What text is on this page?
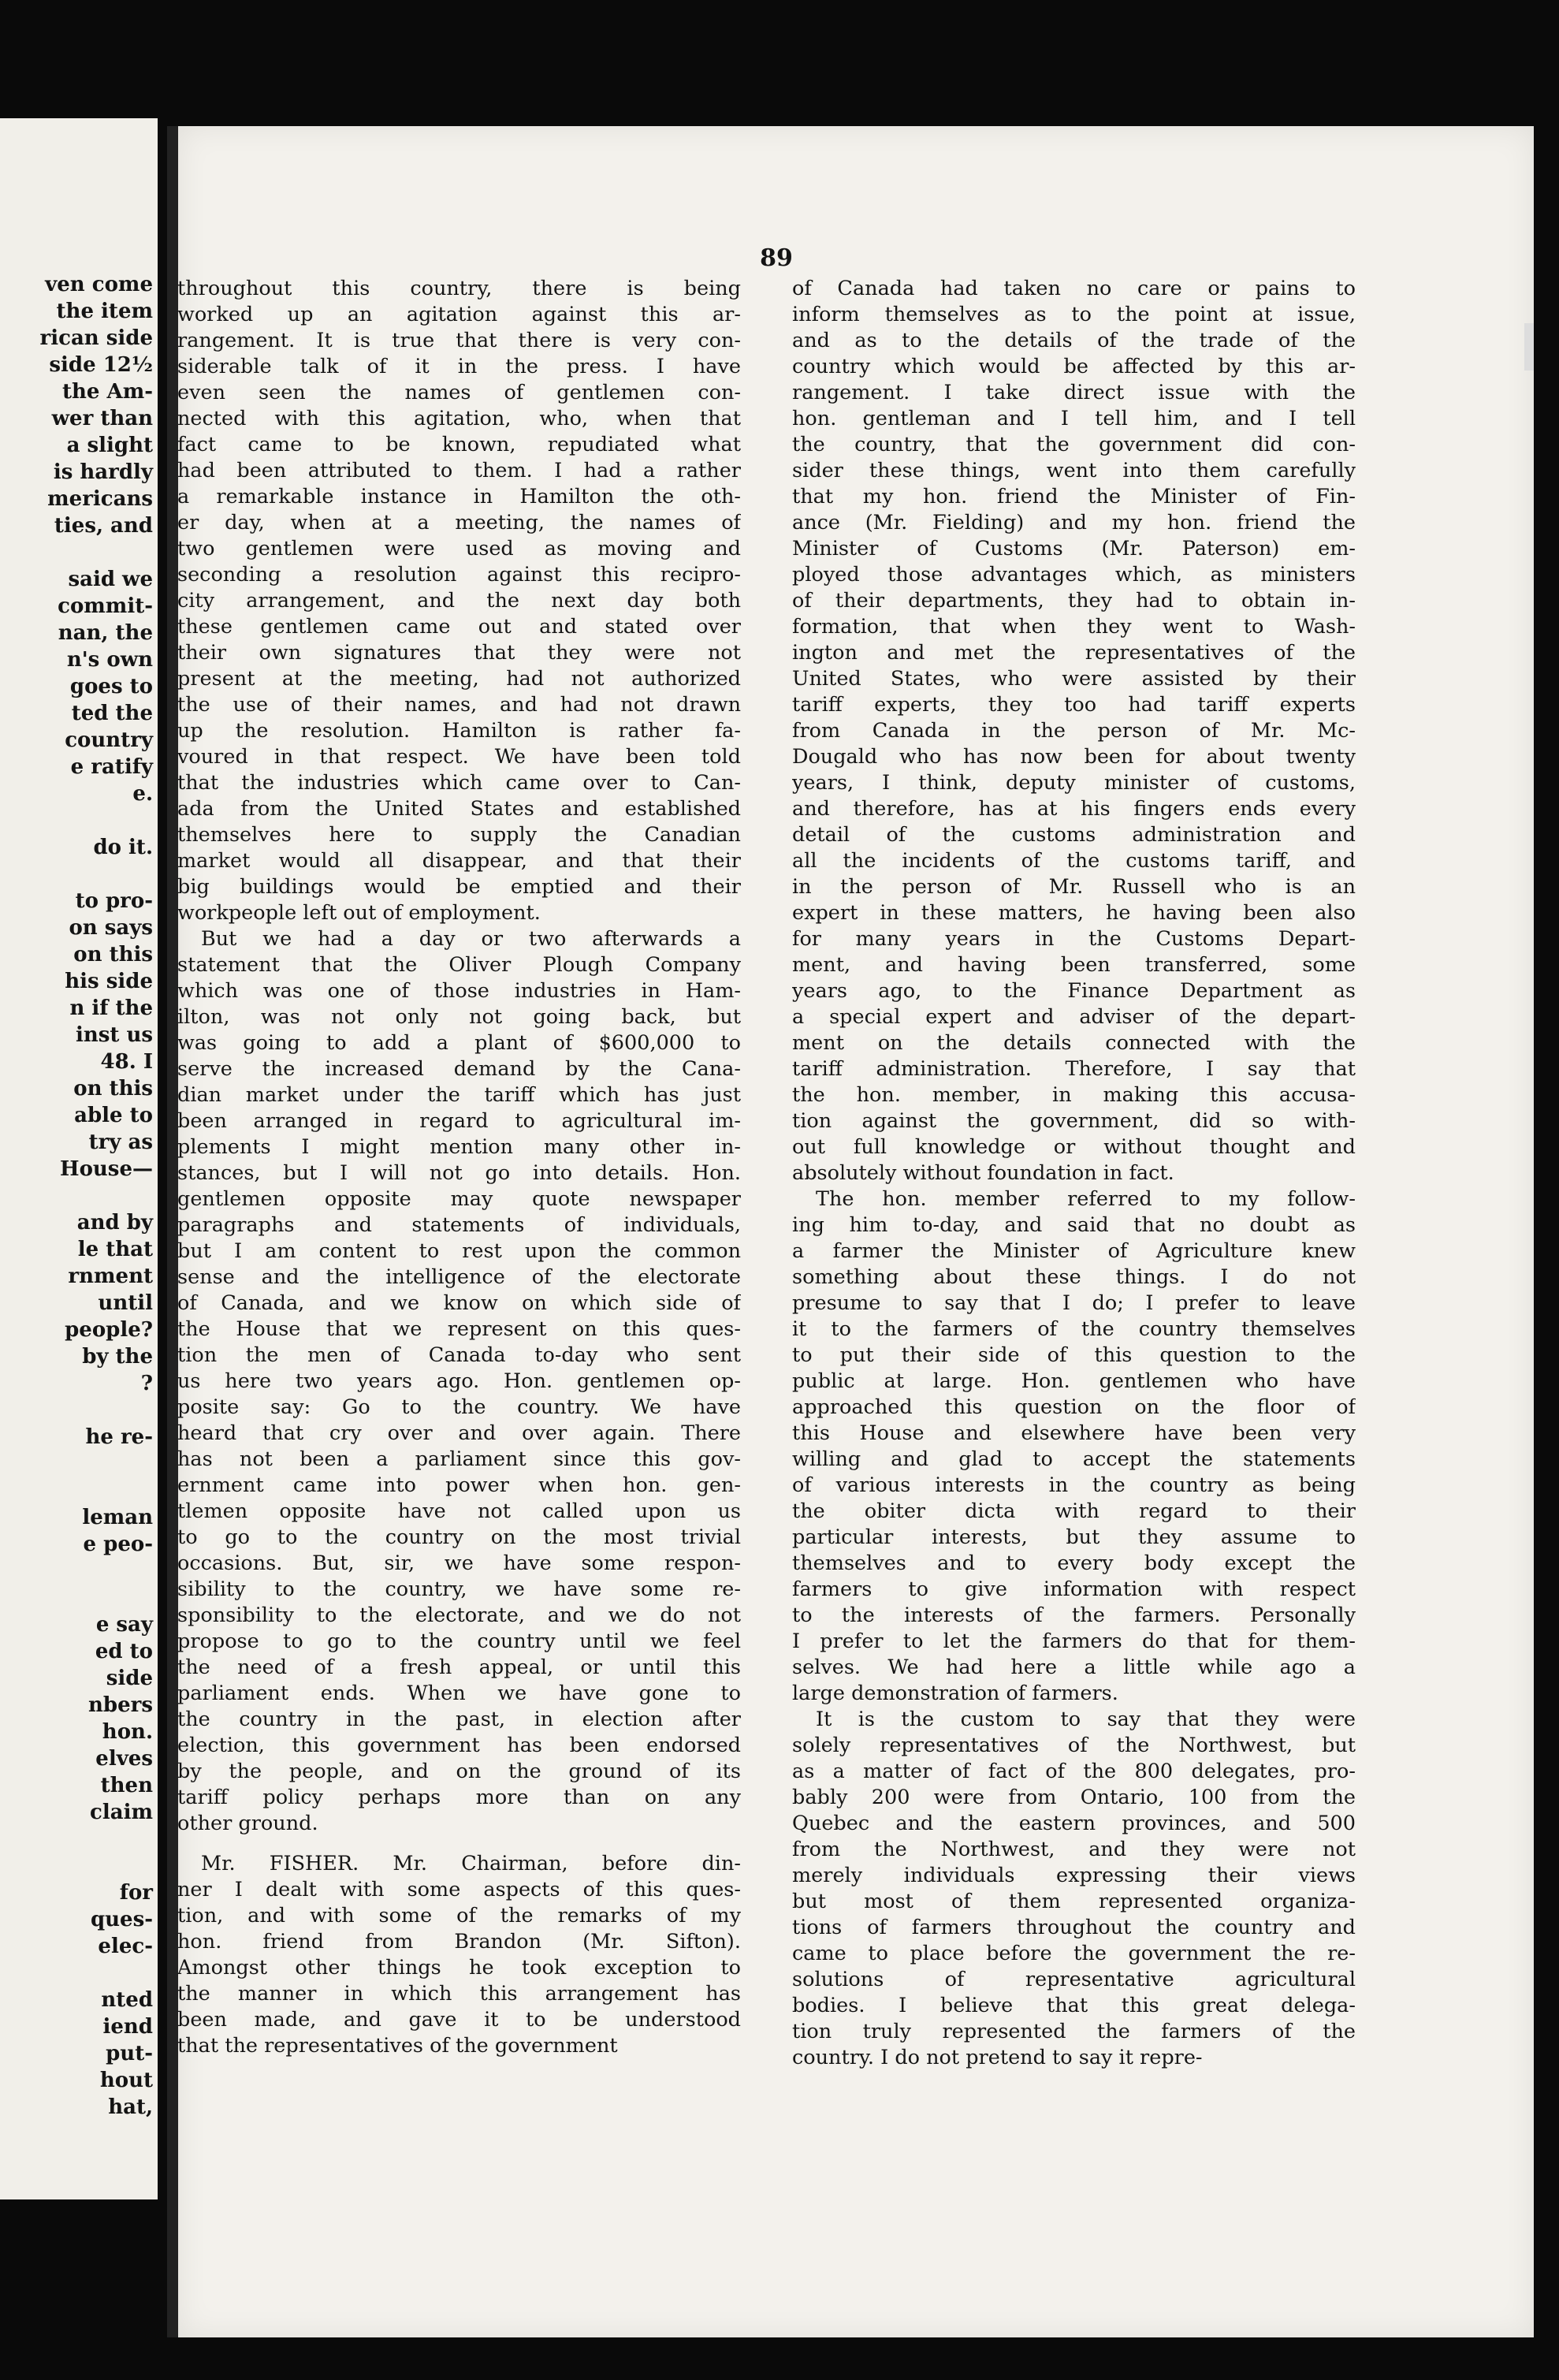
ven come
the item
rican side
side 12½
the Am-
wer than
a slight
is hardly
mericans
ties, and
said we
commit-
nan, the
n's own
goes to
ted the
country
e ratify
e.
do it.
to pro-
on says
on this
his side
n if the
inst us
48. I
on this
able to
try as
House—
and by
le that
rnment
until
people?
by the
?
he re-
leman
e peo-
e say
ed to
side
nbers
hon.
elves
then
claim
for
ques-
elec-
nted
iend
put-
hout
hat,
89
throughout this country, there is being
worked up an agitation against this ar-
rangement. It is true that there is very con-
siderable talk of it in the press. I have
even seen the names of gentlemen con-
nected with this agitation, who, when that
fact came to be known, repudiated what
had been attributed to them. I had a rather
a remarkable instance in Hamilton the oth-
er day, when at a meeting, the names of
two gentlemen were used as moving and
seconding a resolution against this recipro-
city arrangement, and the next day both
these gentlemen came out and stated over
their own signatures that they were not
present at the meeting, had not authorized
the use of their names, and had not drawn
up the resolution. Hamilton is rather fa-
voured in that respect. We have been told
that the industries which came over to Can-
ada from the United States and established
themselves here to supply the Canadian
market would all disappear, and that their
big buildings would be emptied and their
workpeople left out of employment.
But we had a day or two afterwards a
statement that the Oliver Plough Company
which was one of those industries in Ham-
ilton, was not only not going back, but
was going to add a plant of $600,000 to
serve the increased demand by the Cana-
dian market under the tariff which has just
been arranged in regard to agricultural im-
plements I might mention many other in-
stances, but I will not go into details. Hon.
gentlemen opposite may quote newspaper
paragraphs and statements of individuals,
but I am content to rest upon the common
sense and the intelligence of the electorate
of Canada, and we know on which side of
the House that we represent on this ques-
tion the men of Canada to-day who sent
us here two years ago. Hon. gentlemen op-
posite say: Go to the country. We have
heard that cry over and over again. There
has not been a parliament since this gov-
ernment came into power when hon. gen-
tlemen opposite have not called upon us
to go to the country on the most trivial
occasions. But, sir, we have some respon-
sibility to the country, we have some re-
sponsibility to the electorate, and we do not
propose to go to the country until we feel
the need of a fresh appeal, or until this
parliament ends. When we have gone to
the country in the past, in election after
election, this government has been endorsed
by the people, and on the ground of its
tariff policy perhaps more than on any
other ground.
Mr. FISHER. Mr. Chairman, before din-
ner I dealt with some aspects of this ques-
tion, and with some of the remarks of my
hon. friend from Brandon (Mr. Sifton).
Amongst other things he took exception to
the manner in which this arrangement has
been made, and gave it to be understood
that the representatives of the government
of Canada had taken no care or pains to
inform themselves as to the point at issue,
and as to the details of the trade of the
country which would be affected by this ar-
rangement. I take direct issue with the
hon. gentleman and I tell him, and I tell
the country, that the government did con-
sider these things, went into them carefully
that my hon. friend the Minister of Fin-
ance (Mr. Fielding) and my hon. friend the
Minister of Customs (Mr. Paterson) em-
ployed those advantages which, as ministers
of their departments, they had to obtain in-
formation, that when they went to Wash-
ington and met the representatives of the
United States, who were assisted by their
tariff experts, they too had tariff experts
from Canada in the person of Mr. Mc-
Dougald who has now been for about twenty
years, I think, deputy minister of customs,
and therefore, has at his fingers ends every
detail of the customs administration and
all the incidents of the customs tariff, and
in the person of Mr. Russell who is an
expert in these matters, he having been also
for many years in the Customs Depart-
ment, and having been transferred, some
years ago, to the Finance Department as
a special expert and adviser of the depart-
ment on the details connected with the
tariff administration. Therefore, I say that
the hon. member, in making this accusa-
tion against the government, did so with-
out full knowledge or without thought and
absolutely without foundation in fact.
The hon. member referred to my follow-
ing him to-day, and said that no doubt as
a farmer the Minister of Agriculture knew
something about these things. I do not
presume to say that I do; I prefer to leave
it to the farmers of the country themselves
to put their side of this question to the
public at large. Hon. gentlemen who have
approached this question on the floor of
this House and elsewhere have been very
willing and glad to accept the statements
of various interests in the country as being
the obiter dicta with regard to their
particular interests, but they assume to
themselves and to every body except the
farmers to give information with respect
to the interests of the farmers. Personally
I prefer to let the farmers do that for them-
selves. We had here a little while ago a
large demonstration of farmers.
It is the custom to say that they were
solely representatives of the Northwest, but
as a matter of fact of the 800 delegates, pro-
bably 200 were from Ontario, 100 from the
Quebec and the eastern provinces, and 500
from the Northwest, and they were not
merely individuals expressing their views
but most of them represented organiza-
tions of farmers throughout the country and
came to place before the government the re-
solutions of representative agricultural
bodies. I believe that this great delega-
tion truly represented the farmers of the
country. I do not pretend to say it repre-
